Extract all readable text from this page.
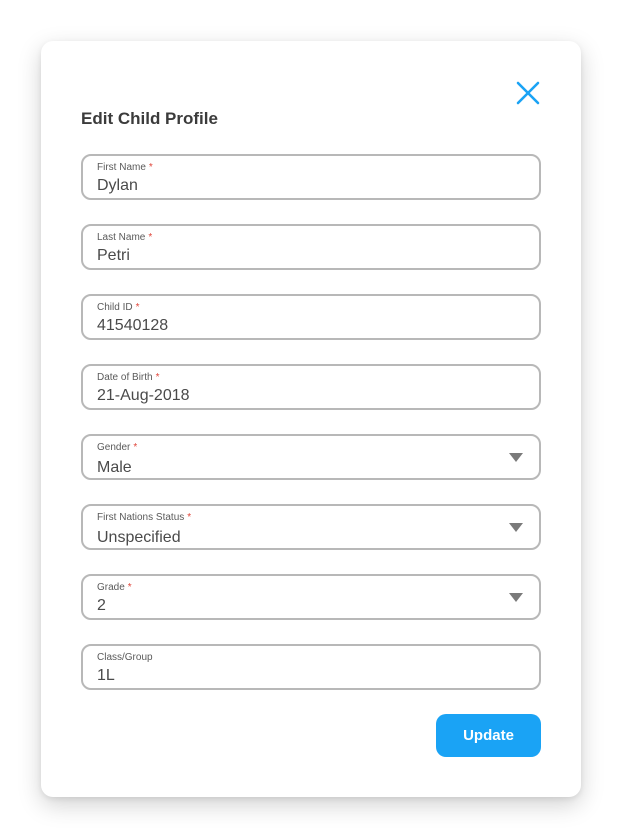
Edit Child Profile
First Name *
Dylan
Last Name *
Petri
Child ID *
41540128
Date of Birth *
21-Aug-2018
Gender *
Male
First Nations Status *
Unspecified
Grade *
2
Class/Group
1L
Update
